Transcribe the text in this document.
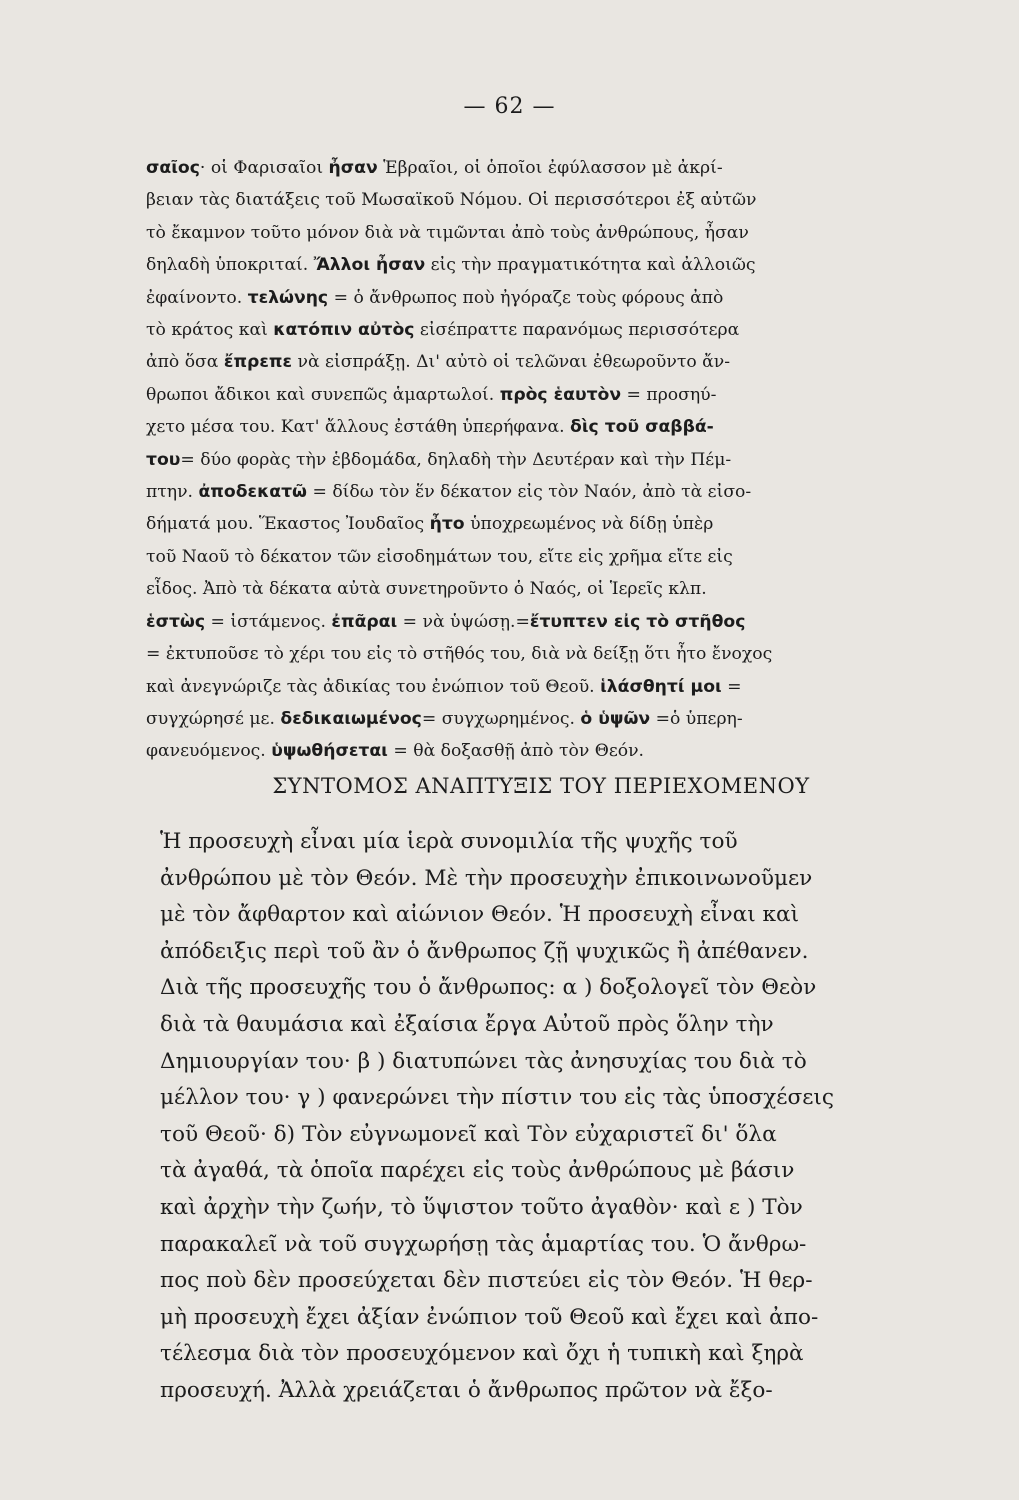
— 62 —
σαῖος· οἱ Φαρισαῖοι ἦσαν Ἑβραῖοι, οἱ ὁποῖοι ἐφύλασσον μὲ ἀκρί-
βειαν τὰς διατάξεις τοῦ Μωσαϊκοῦ Νόμου. Οἱ περισσότεροι ἐξ αὐτῶν
τὸ ἔκαμνον τοῦτο μόνον διὰ νὰ τιμῶνται ἀπὸ τοὺς ἀνθρώπους, ἦσαν
δηλαδὴ ὑποκριταί. Ἄλλοι ἦσαν εἰς τὴν πραγματικότητα καὶ ἀλλοιῶς
ἐφαίνοντο. τελώνης = ὁ ἄνθρωπος ποὺ ἠγόραζε τοὺς φόρους ἀπὸ
τὸ κράτος καὶ κατόπιν αὐτὸς εἰσέπραττε παρανόμως περισσότερα
ἀπὸ ὅσα ἔπρεπε νὰ εἰσπράξῃ. Δι' αὐτὸ οἱ τελῶναι ἐθεωροῦντο ἄν-
θρωποι ἄδικοι καὶ συνεπῶς ἁμαρτωλοί. πρὸς ἑαυτὸν = προσηύ-
χετο μέσα του. Κατ' ἄλλους ἐστάθη ὑπερήφανα. δὶς τοῦ σαββά-
του= δύο φορὰς τὴν ἑβδομάδα, δηλαδὴ τὴν Δευτέραν καὶ τὴν Πέμ-
πτην. ἀποδεκατῶ = δίδω τὸν ἕν δέκατον εἰς τὸν Ναόν, ἀπὸ τὰ εἰσο-
δήματά μου. Ἕκαστος Ἰουδαῖος ἦτο ὑποχρεωμένος νὰ δίδῃ ὑπὲρ
τοῦ Ναοῦ τὸ δέκατον τῶν εἰσοδημάτων του, εἴτε εἰς χρῆμα εἴτε εἰς
εἶδος. Ἀπὸ τὰ δέκατα αὐτὰ συνετηροῦντο ὁ Ναός, οἱ Ἱερεῖς κλπ.
ἑστὼς = ἱστάμενος. ἐπᾶραι = νὰ ὑψώσῃ.=ἔτυπτεν εἰς τὸ στῆθος
= ἐκτυποῦσε τὸ χέρι του εἰς τὸ στῆθός του, διὰ νὰ δείξῃ ὅτι ἦτο ἔνοχος
καὶ ἀνεγνώριζε τὰς ἀδικίας του ἐνώπιον τοῦ Θεοῦ. ἱλάσθητί μοι =
συγχώρησέ με. δεδικαιωμένος= συγχωρημένος. ὁ ὑψῶν =ὁ ὑπερη-
φανευόμενος. ὑψωθήσεται = θὰ δοξασθῇ ἀπὸ τὸν Θεόν.
ΣΥΝΤΟΜΟΣ ΑΝΑΠΤΥΞΙΣ ΤΟΥ ΠΕΡΙΕΧΟΜΕΝΟΥ
Ἡ προσευχὴ εἶναι μία ἱερὰ συνομιλία τῆς ψυχῆς τοῦ
ἀνθρώπου μὲ τὸν Θεόν. Μὲ τὴν προσευχὴν ἐπικοινωνοῦμεν
μὲ τὸν ἄφθαρτον καὶ αἰώνιον Θεόν. Ἡ προσευχὴ εἶναι καὶ
ἀπόδειξις περὶ τοῦ ἂν ὁ ἄνθρωπος ζῇ ψυχικῶς ἢ ἀπέθανεν.
Διὰ τῆς προσευχῆς του ὁ ἄνθρωπος: α ) δοξολογεῖ τὸν Θεὸν
διὰ τὰ θαυμάσια καὶ ἐξαίσια ἔργα Αὐτοῦ πρὸς ὅλην τὴν
Δημιουργίαν του· β ) διατυπώνει τὰς ἀνησυχίας του διὰ τὸ
μέλλον του· γ ) φανερώνει τὴν πίστιν του εἰς τὰς ὑποσχέσεις
τοῦ Θεοῦ· δ) Τὸν εὐγνωμονεῖ καὶ Τὸν εὐχαριστεῖ δι' ὅλα
τὰ ἀγαθά, τὰ ὁποῖα παρέχει εἰς τοὺς ἀνθρώπους μὲ βάσιν
καὶ ἀρχὴν τὴν ζωήν, τὸ ὕψιστον τοῦτο ἀγαθὸν· καὶ ε ) Τὸν
παρακαλεῖ νὰ τοῦ συγχωρήσῃ τὰς ἁμαρτίας του. Ὁ ἄνθρω-
πος ποὺ δὲν προσεύχεται δὲν πιστεύει εἰς τὸν Θεόν. Ἡ θερ-
μὴ προσευχὴ ἔχει ἀξίαν ἐνώπιον τοῦ Θεοῦ καὶ ἔχει καὶ ἀπο-
τέλεσμα διὰ τὸν προσευχόμενον καὶ ὄχι ἡ τυπικὴ καὶ ξηρὰ
προσευχή. Ἀλλὰ χρειάζεται ὁ ἄνθρωπος πρῶτον νὰ ἔξο-
